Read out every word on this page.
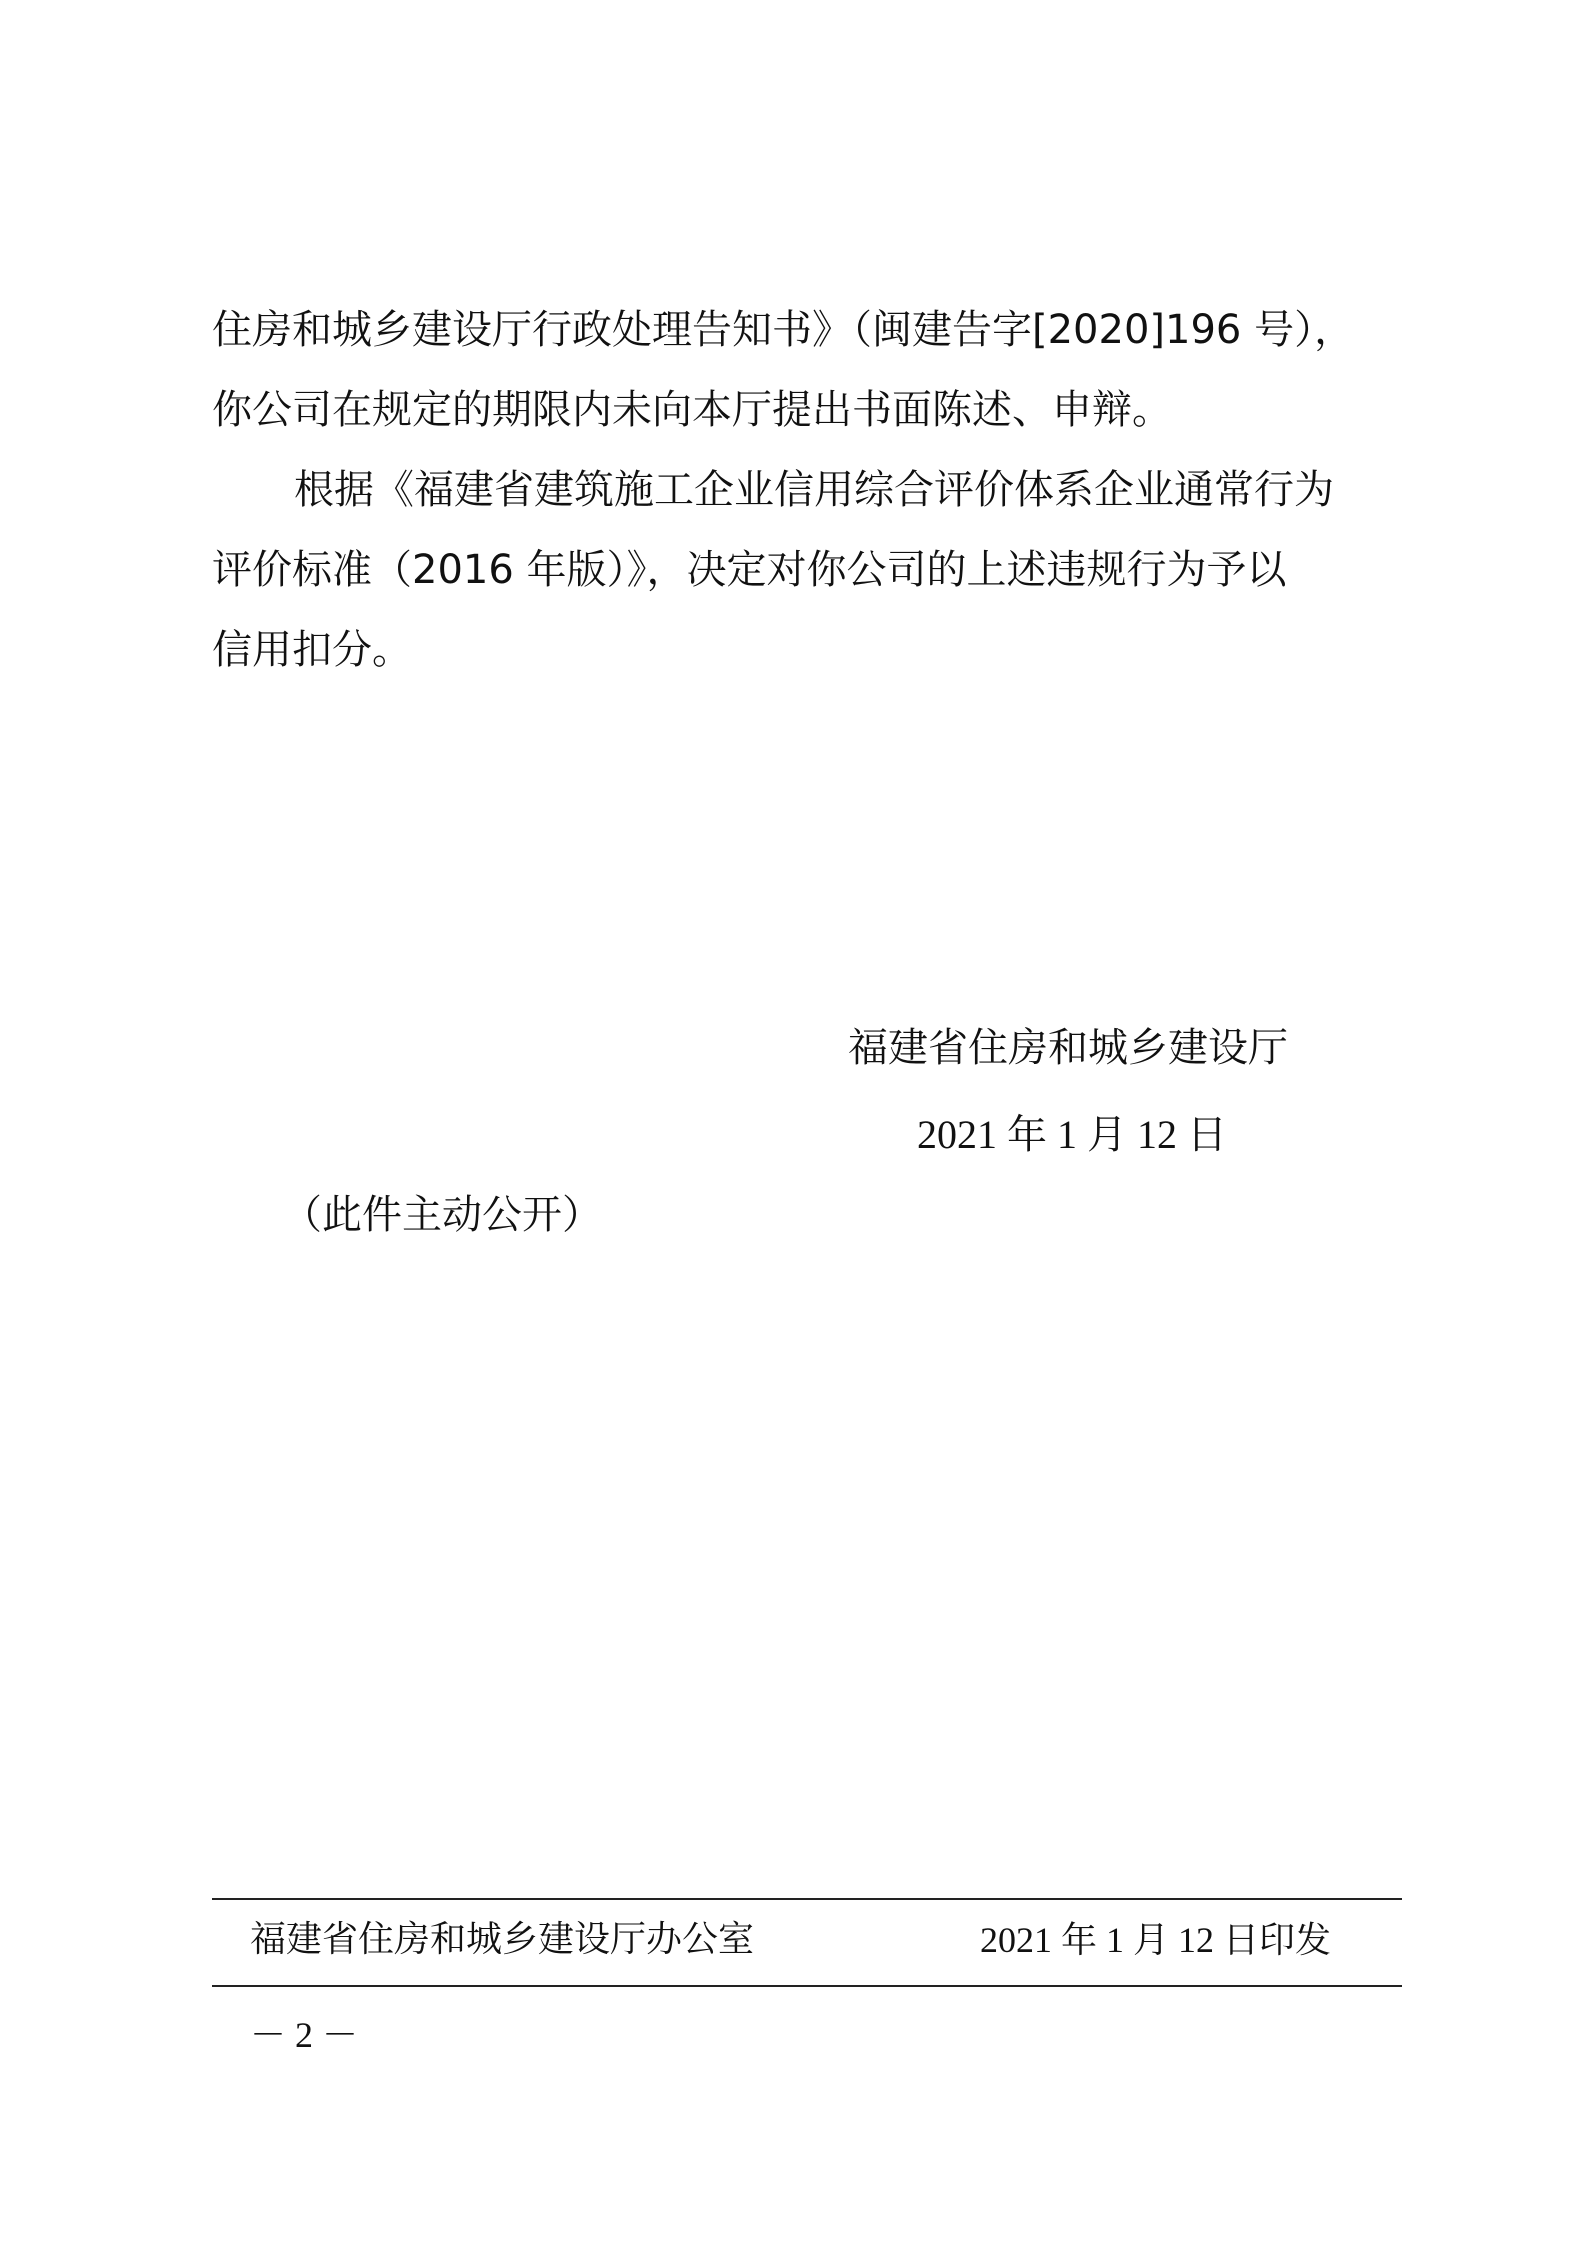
住房和城乡建设厅行政处理告知书》（闽建告字[2020]196 号），
你公司在规定的期限内未向本厅提出书面陈述、申辩。
根据《福建省建筑施工企业信用综合评价体系企业通常行为
评价标准（2016 年版）》，决定对你公司的上述违规行为予以
信用扣分。
福建省住房和城乡建设厅
2021 年 1 月 12 日
（此件主动公开）
福建省住房和城乡建设厅办公室	2021 年 1 月 12 日印发
－ 2 －
